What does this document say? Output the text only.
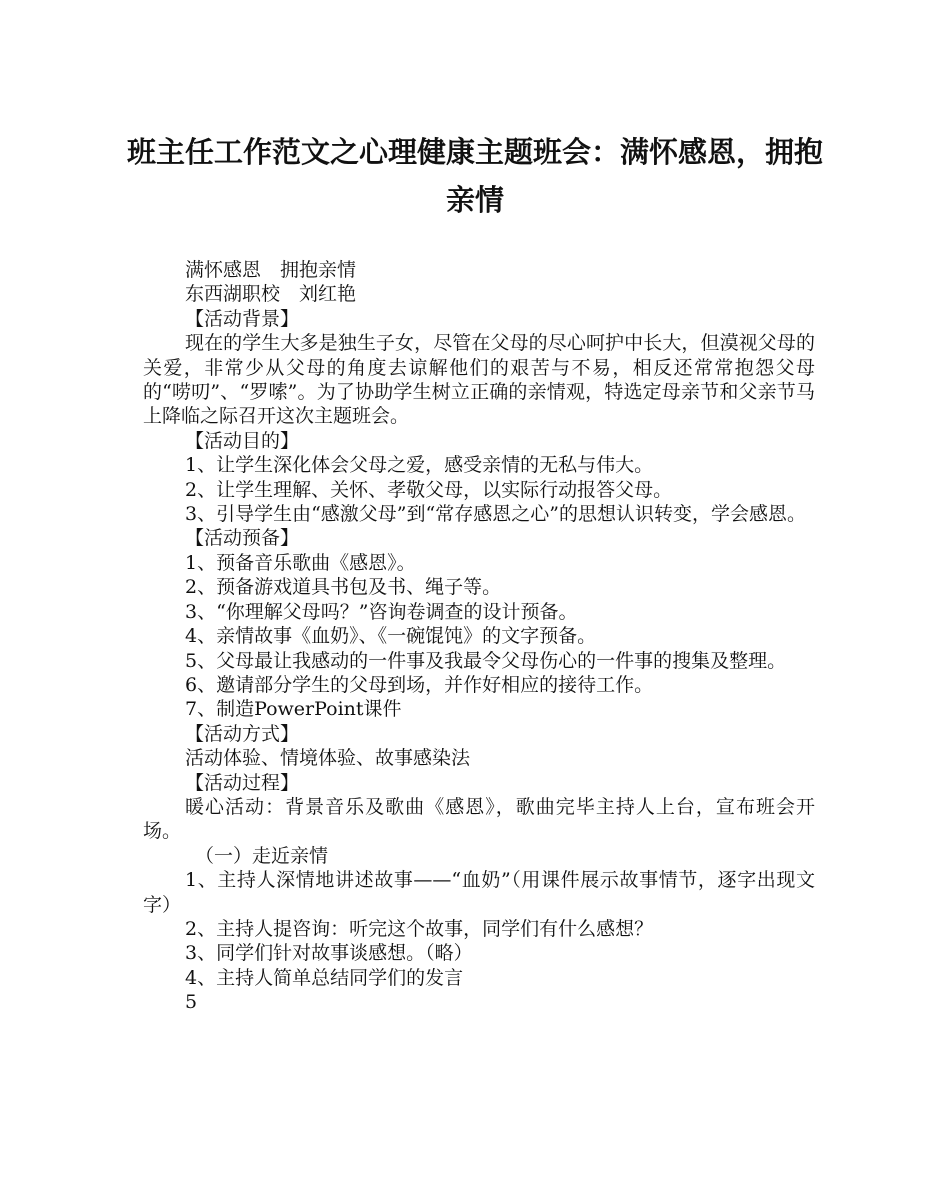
班主任工作范文之心理健康主题班会：满怀感恩，拥抱亲情

满怀感恩　拥抱亲情

东西湖职校　刘红艳

【活动背景】

现在的学生大多是独生子女，尽管在父母的尽心呵护中长大，但漠视父母的关爱，非常少从父母的角度去谅解他们的艰苦与不易，相反还常常抱怨父母的“唠叨”、“罗嗦”。为了协助学生树立正确的亲情观，特选定母亲节和父亲节马上降临之际召开这次主题班会。

【活动目的】

1、让学生深化体会父母之爱，感受亲情的无私与伟大。

2、让学生理解、关怀、孝敬父母，以实际行动报答父母。

3、引导学生由“感激父母”到“常存感恩之心”的思想认识转变，学会感恩。

【活动预备】

1、预备音乐歌曲《感恩》。

2、预备游戏道具书包及书、绳子等。

3、“你理解父母吗？”咨询卷调查的设计预备。

4、亲情故事《血奶》、《一碗馄饨》的文字预备。

5、父母最让我感动的一件事及我最令父母伤心的一件事的搜集及整理。

6、邀请部分学生的父母到场，并作好相应的接待工作。

7、制造PowerPoint课件

【活动方式】

活动体验、情境体验、故事感染法

【活动过程】

暖心活动：背景音乐及歌曲《感恩》，歌曲完毕主持人上台，宣布班会开场。

（一）走近亲情

1、主持人深情地讲述故事——“血奶”（用课件展示故事情节，逐字出现文字）

2、主持人提咨询：听完这个故事，同学们有什么感想？

3、同学们针对故事谈感想。（略）

4、主持人简单总结同学们的发言

5
